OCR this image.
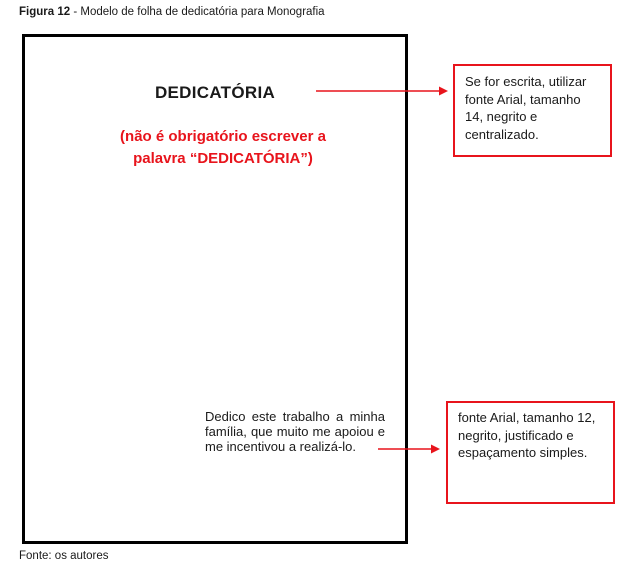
Figura 12 - Modelo de folha de dedicatória para Monografia
DEDICATÓRIA
(não é obrigatório escrever a palavra “DEDICATÓRIA”)
Dedico este trabalho a minha família, que muito me apoiou e me incentivou a realizá-lo.
Se for escrita, utilizar fonte Arial, tamanho 14, negrito e centralizado.
fonte Arial, tamanho 12, negrito, justificado e espaçamento simples.
Fonte: os autores
